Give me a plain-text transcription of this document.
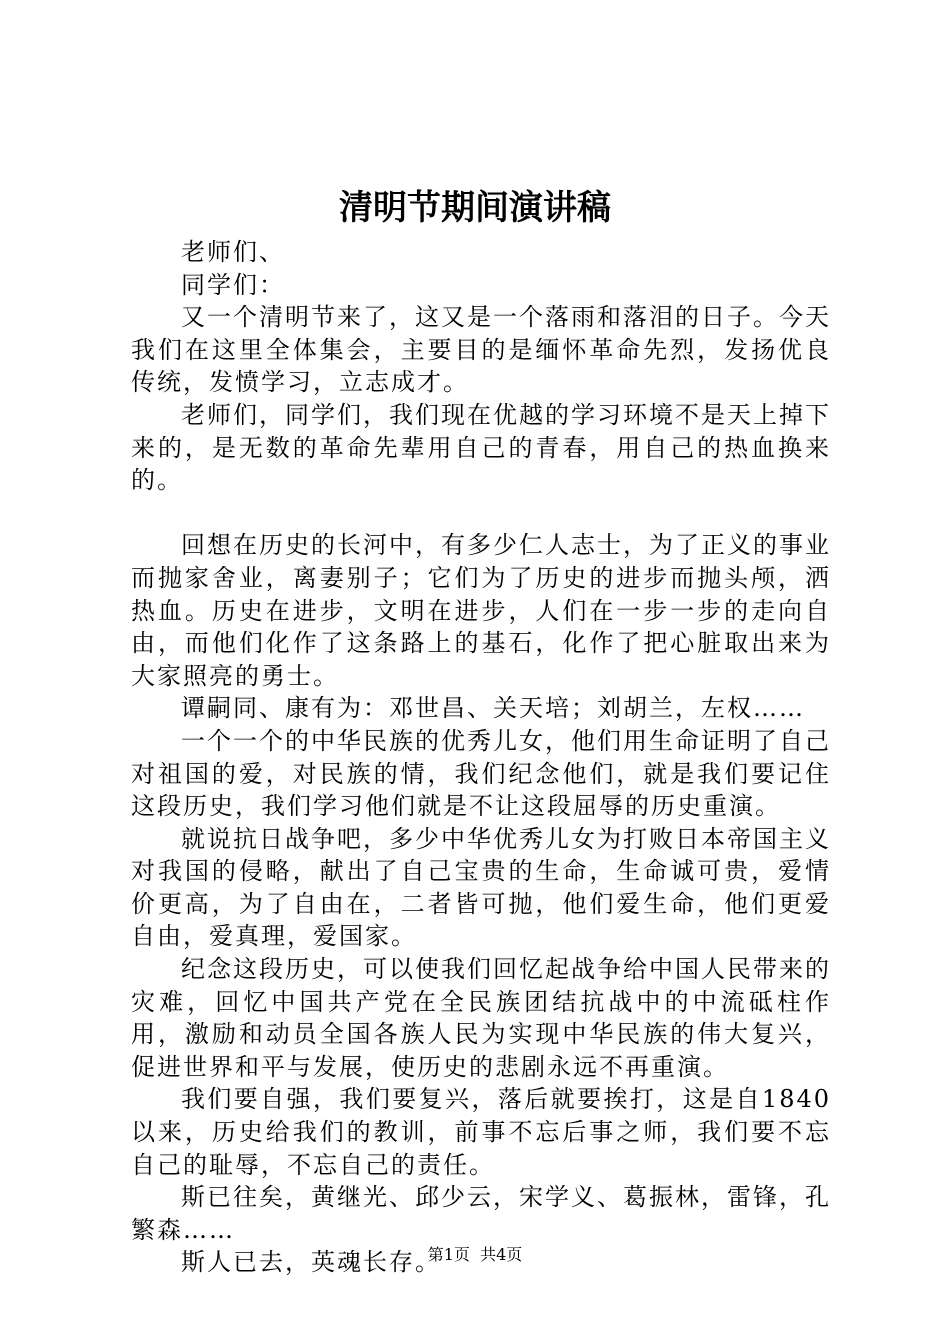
清明节期间演讲稿

老师们、

同学们：

又一个清明节来了，这又是一个落雨和落泪的日子。今天我们在这里全体集会，主要目的是缅怀革命先烈，发扬优良传统，发愤学习，立志成才。

老师们，同学们，我们现在优越的学习环境不是天上掉下来的，是无数的革命先辈用自己的青春，用自己的热血换来的。

回想在历史的长河中，有多少仁人志士，为了正义的事业而抛家舍业，离妻别子；它们为了历史的进步而抛头颅，洒热血。历史在进步，文明在进步，人们在一步一步的走向自由，而他们化作了这条路上的基石，化作了把心脏取出来为大家照亮的勇士。

谭嗣同、康有为：邓世昌、关天培；刘胡兰，左权……

一个一个的中华民族的优秀儿女，他们用生命证明了自己对祖国的爱，对民族的情，我们纪念他们，就是我们要记住这段历史，我们学习他们就是不让这段屈辱的历史重演。

就说抗日战争吧，多少中华优秀儿女为打败日本帝国主义对我国的侵略，献出了自己宝贵的生命，生命诚可贵，爱情价更高，为了自由在，二者皆可抛，他们爱生命，他们更爱自由，爱真理，爱国家。

纪念这段历史，可以使我们回忆起战争给中国人民带来的灾难，回忆中国共产党在全民族团结抗战中的中流砥柱作用，激励和动员全国各族人民为实现中华民族的伟大复兴，促进世界和平与发展，使历史的悲剧永远不再重演。

我们要自强，我们要复兴，落后就要挨打，这是自1840以来，历史给我们的教训，前事不忘后事之师，我们要不忘自己的耻辱，不忘自己的责任。

斯已往矣，黄继光、邱少云，宋学义、葛振林，雷锋，孔繁森……

斯人已去，英魂长存。

第1页 共4页
